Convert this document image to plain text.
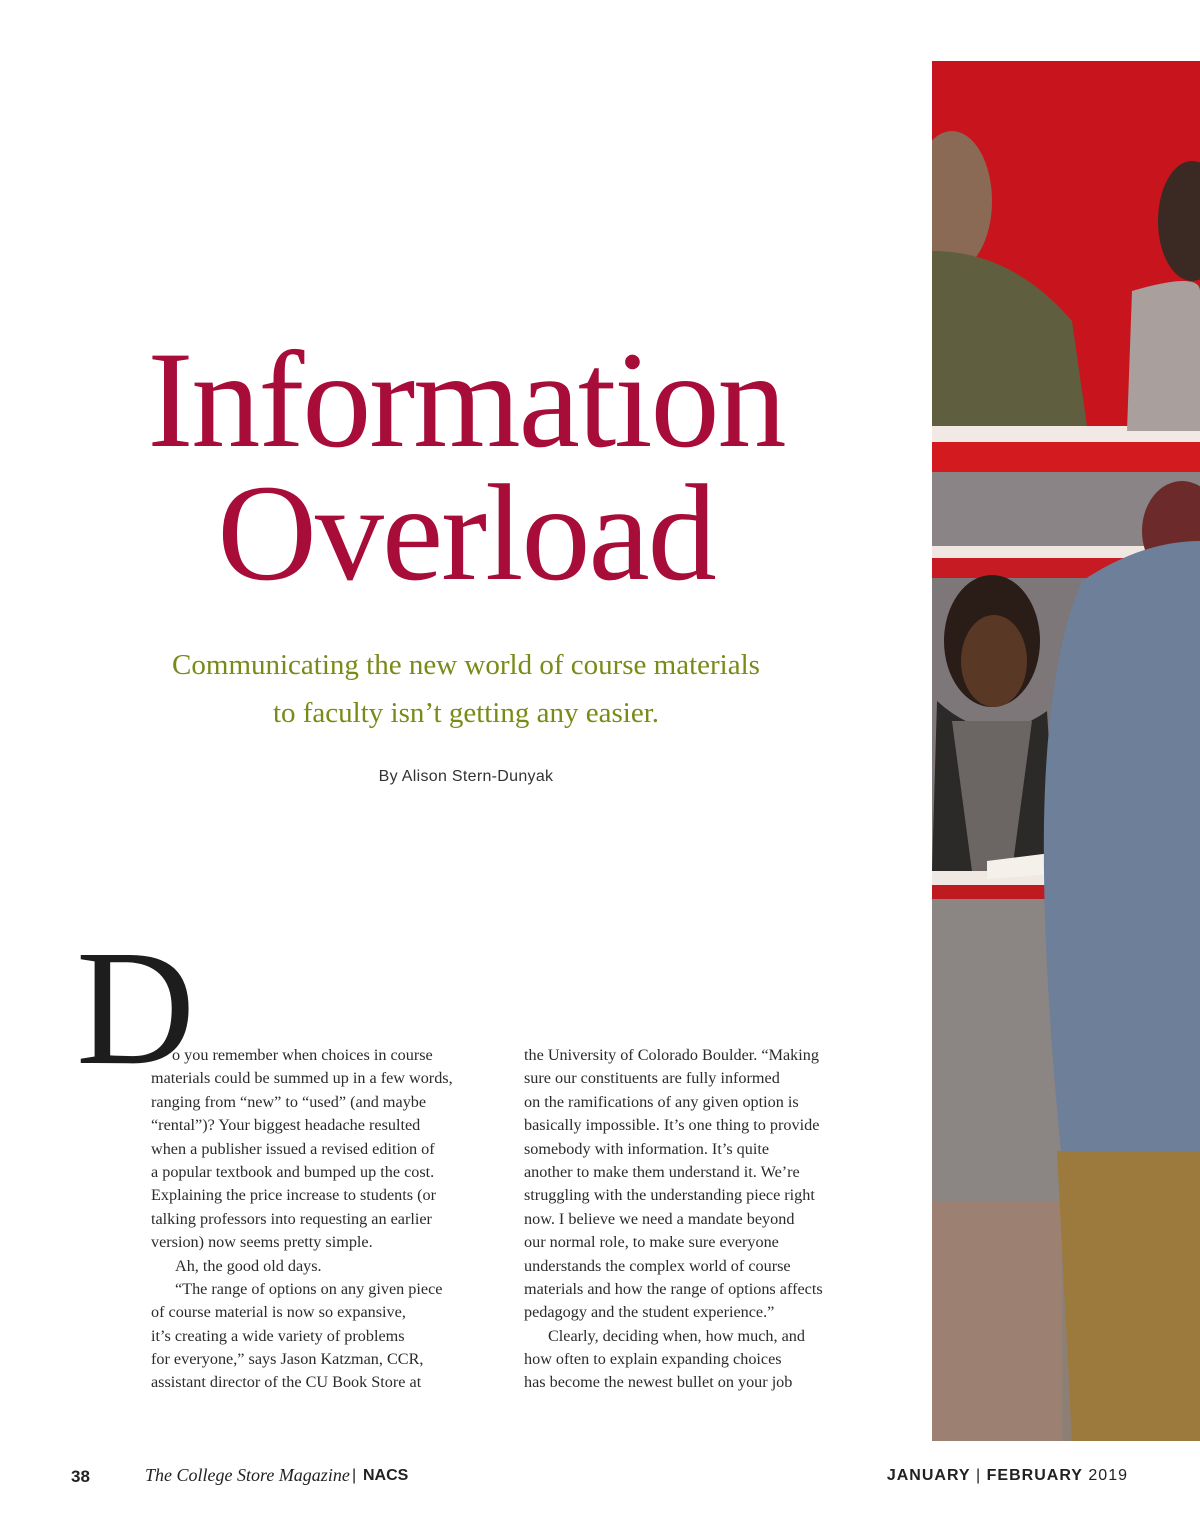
Information
Overload
Communicating the new world of course materials
to faculty isn’t getting any easier.
By Alison Stern-Dunyak
D
o you remember when choices in course
materials could be summed up in a few words,
ranging from “new” to “used” (and maybe
“rental”)? Your biggest headache resulted
when a publisher issued a revised edition of
a popular textbook and bumped up the cost.
Explaining the price increase to students (or
talking professors into requesting an earlier
version) now seems pretty simple.
Ah, the good old days.
“The range of options on any given piece
of course material is now so expansive,
it’s creating a wide variety of problems
for everyone,” says Jason Katzman, CCR,
assistant director of the CU Book Store at
the University of Colorado Boulder. “Making
sure our constituents are fully informed
on the ramifications of any given option is
basically impossible. It’s one thing to provide
somebody with information. It’s quite
another to make them understand it. We’re
struggling with the understanding piece right
now. I believe we need a mandate beyond
our normal role, to make sure everyone
understands the complex world of course
materials and how the range of options affects
pedagogy and the student experience.”
Clearly, deciding when, how much, and
how often to explain expanding choices
has become the newest bullet on your job
38	The College Store Magazine | NACS	JANUARY | FEBRUARY 2019
